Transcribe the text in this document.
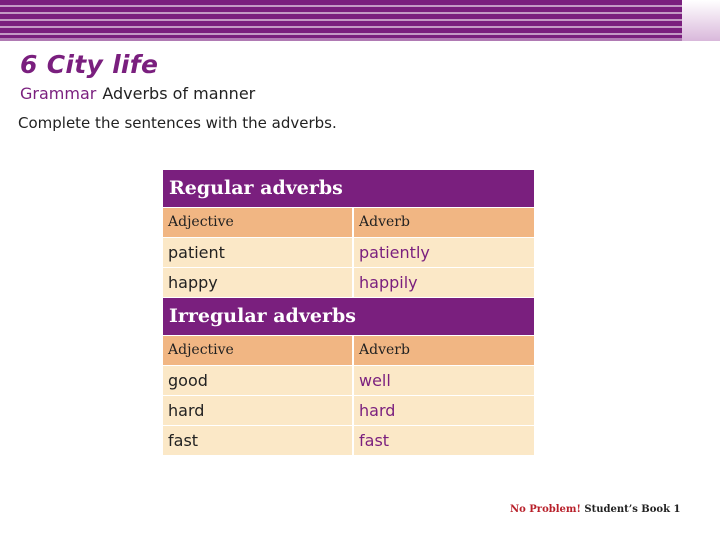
6 City life
Grammar Adverbs of manner
Complete the sentences with the adverbs.
Regular adverbs
Adjective	Adverb
patient	patiently
happy	happily
Irregular adverbs
Adjective	Adverb
good	well
hard	hard
fast	fast
No Problem! Student’s Book 1
